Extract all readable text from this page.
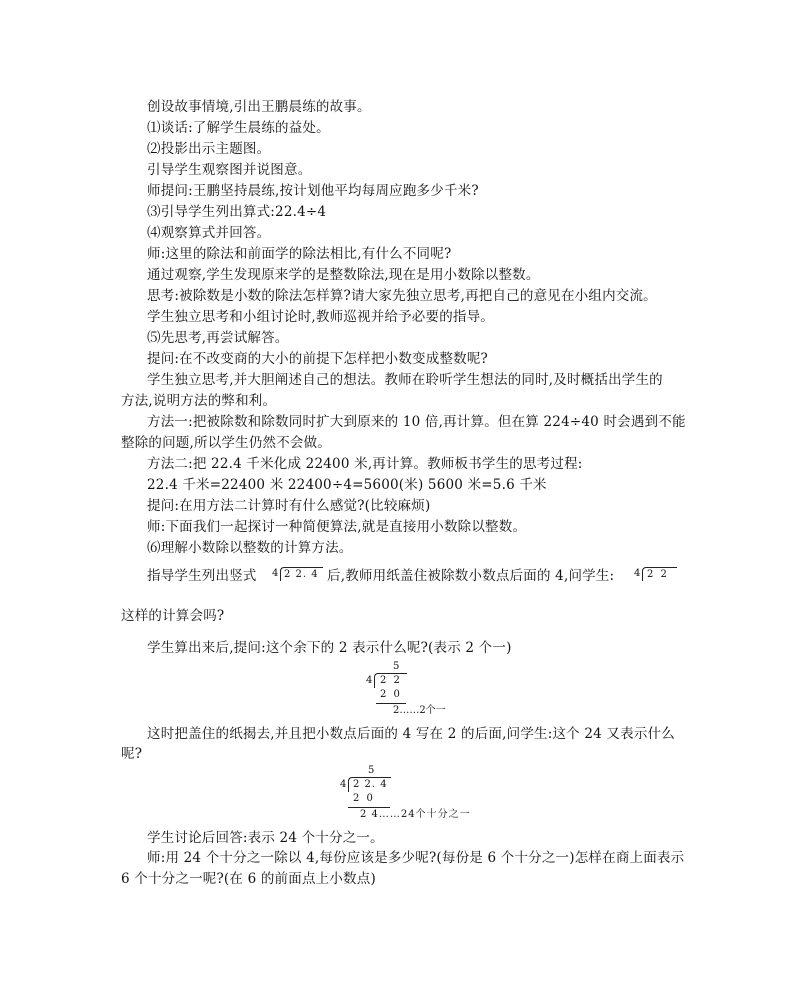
创设故事情境,引出王鹏晨练的故事。
⑴谈话:了解学生晨练的益处。
⑵投影出示主题图。
引导学生观察图并说图意。
师提问:王鹏坚持晨练,按计划他平均每周应跑多少千米?
⑶引导学生列出算式:22.4÷4
⑷观察算式并回答。
师:这里的除法和前面学的除法相比,有什么不同呢?
通过观察,学生发现原来学的是整数除法,现在是用小数除以整数。
思考:被除数是小数的除法怎样算?请大家先独立思考,再把自己的意见在小组内交流。
学生独立思考和小组讨论时,教师巡视并给予必要的指导。
⑸先思考,再尝试解答。
提问:在不改变商的大小的前提下怎样把小数变成整数呢?
学生独立思考,并大胆阐述自己的想法。教师在聆听学生想法的同时,及时概括出学生的
方法,说明方法的弊和利。
方法一:把被除数和除数同时扩大到原来的 10 倍,再计算。但在算 224÷40 时会遇到不能
整除的问题,所以学生仍然不会做。
方法二:把 22.4 千米化成 22400 米,再计算。教师板书学生的思考过程:
22.4 千米=22400 米 22400÷4=5600(米) 5600 米=5.6 千米
提问:在用方法二计算时有什么感觉?(比较麻烦)
师:下面我们一起探讨一种简便算法,就是直接用小数除以整数。
⑹理解小数除以整数的计算方法。
指导学生列出竖式 4 2 2. 4 后,教师用纸盖住被除数小数点后面的 4,问学生: 4 2 2
这样的计算会吗?
学生算出来后,提问:这个余下的 2 表示什么呢?(表示 2 个一)
5
4 2 2
2 0
2……2个一
这时把盖住的纸揭去,并且把小数点后面的 4 写在 2 的后面,问学生:这个 24 又表示什么
呢?
5
4 2 2. 4
2 0
2 4……24个十分之一
学生讨论后回答:表示 24 个十分之一。
师:用 24 个十分之一除以 4,每份应该是多少呢?(每份是 6 个十分之一)怎样在商上面表示
6 个十分之一呢?(在 6 的前面点上小数点)
